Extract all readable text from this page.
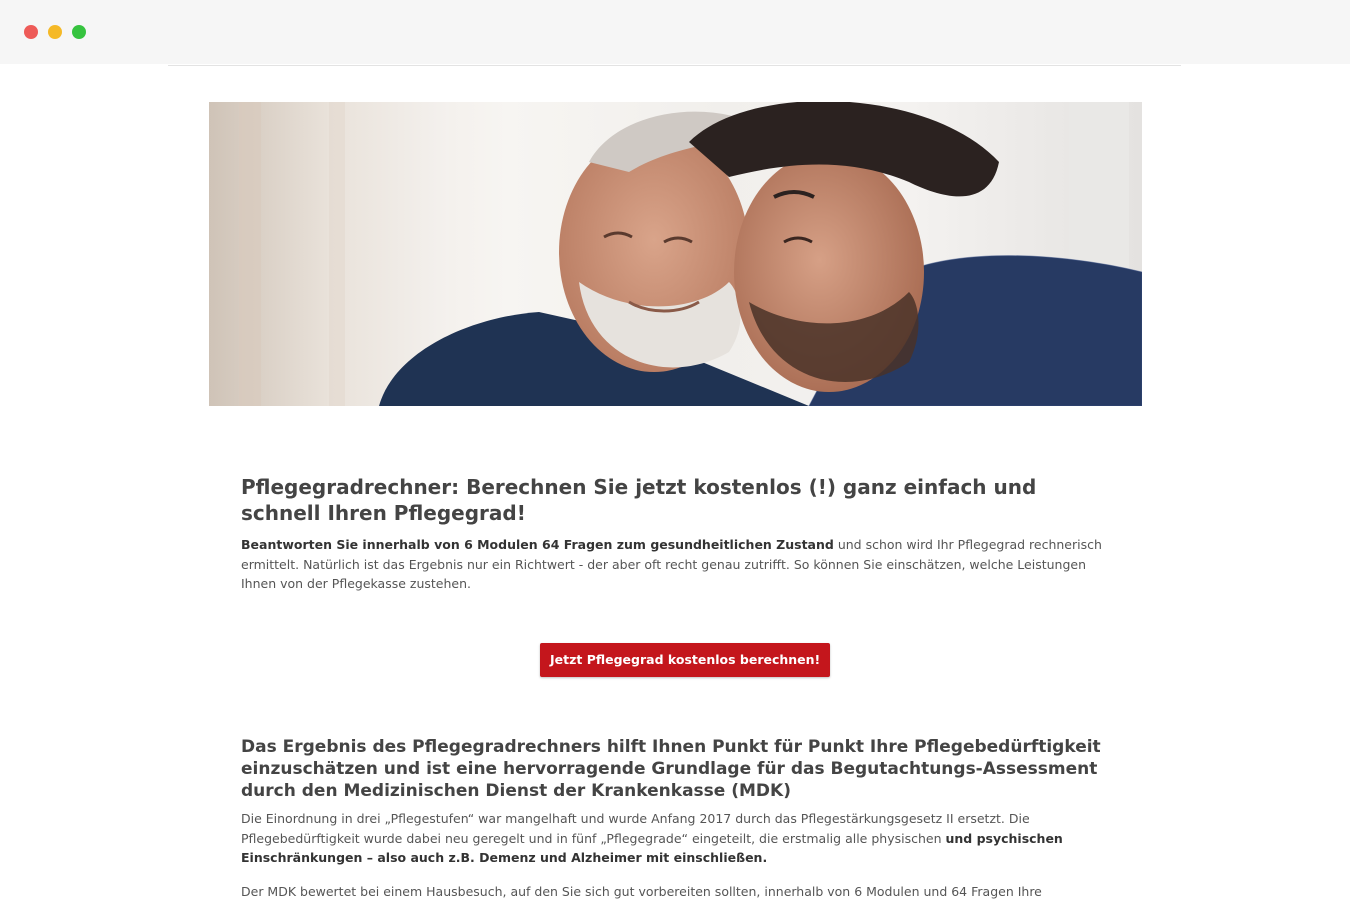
Pflegegradrechner: Berechnen Sie jetzt kostenlos (!) ganz einfach und schnell Ihren Pflegegrad!

Beantworten Sie innerhalb von 6 Modulen 64 Fragen zum gesundheitlichen Zustand und schon wird Ihr Pflegegrad rechnerisch ermittelt. Natürlich ist das Ergebnis nur ein Richtwert - der aber oft recht genau zutrifft. So können Sie einschätzen, welche Leistungen Ihnen von der Pflegekasse zustehen.

Jetzt Pflegegrad kostenlos berechnen!
Das Ergebnis des Pflegegradrechners hilft Ihnen Punkt für Punkt Ihre Pflegebedürftigkeit einzuschätzen und ist eine hervorragende Grundlage für das Begutachtungs-Assessment durch den Medizinischen Dienst der Krankenkasse (MDK)

Die Einordnung in drei „Pflegestufen“ war mangelhaft und wurde Anfang 2017 durch das Pflegestärkungsgesetz II ersetzt. Die Pflegebedürftigkeit wurde dabei neu geregelt und in fünf „Pflegegrade“ eingeteilt, die erstmalig alle physischen und psychischen Einschränkungen – also auch z.B. Demenz und Alzheimer mit einschließen.

Der MDK bewertet bei einem Hausbesuch, auf den Sie sich gut vorbereiten sollten, innerhalb von 6 Modulen und 64 Fragen Ihre
